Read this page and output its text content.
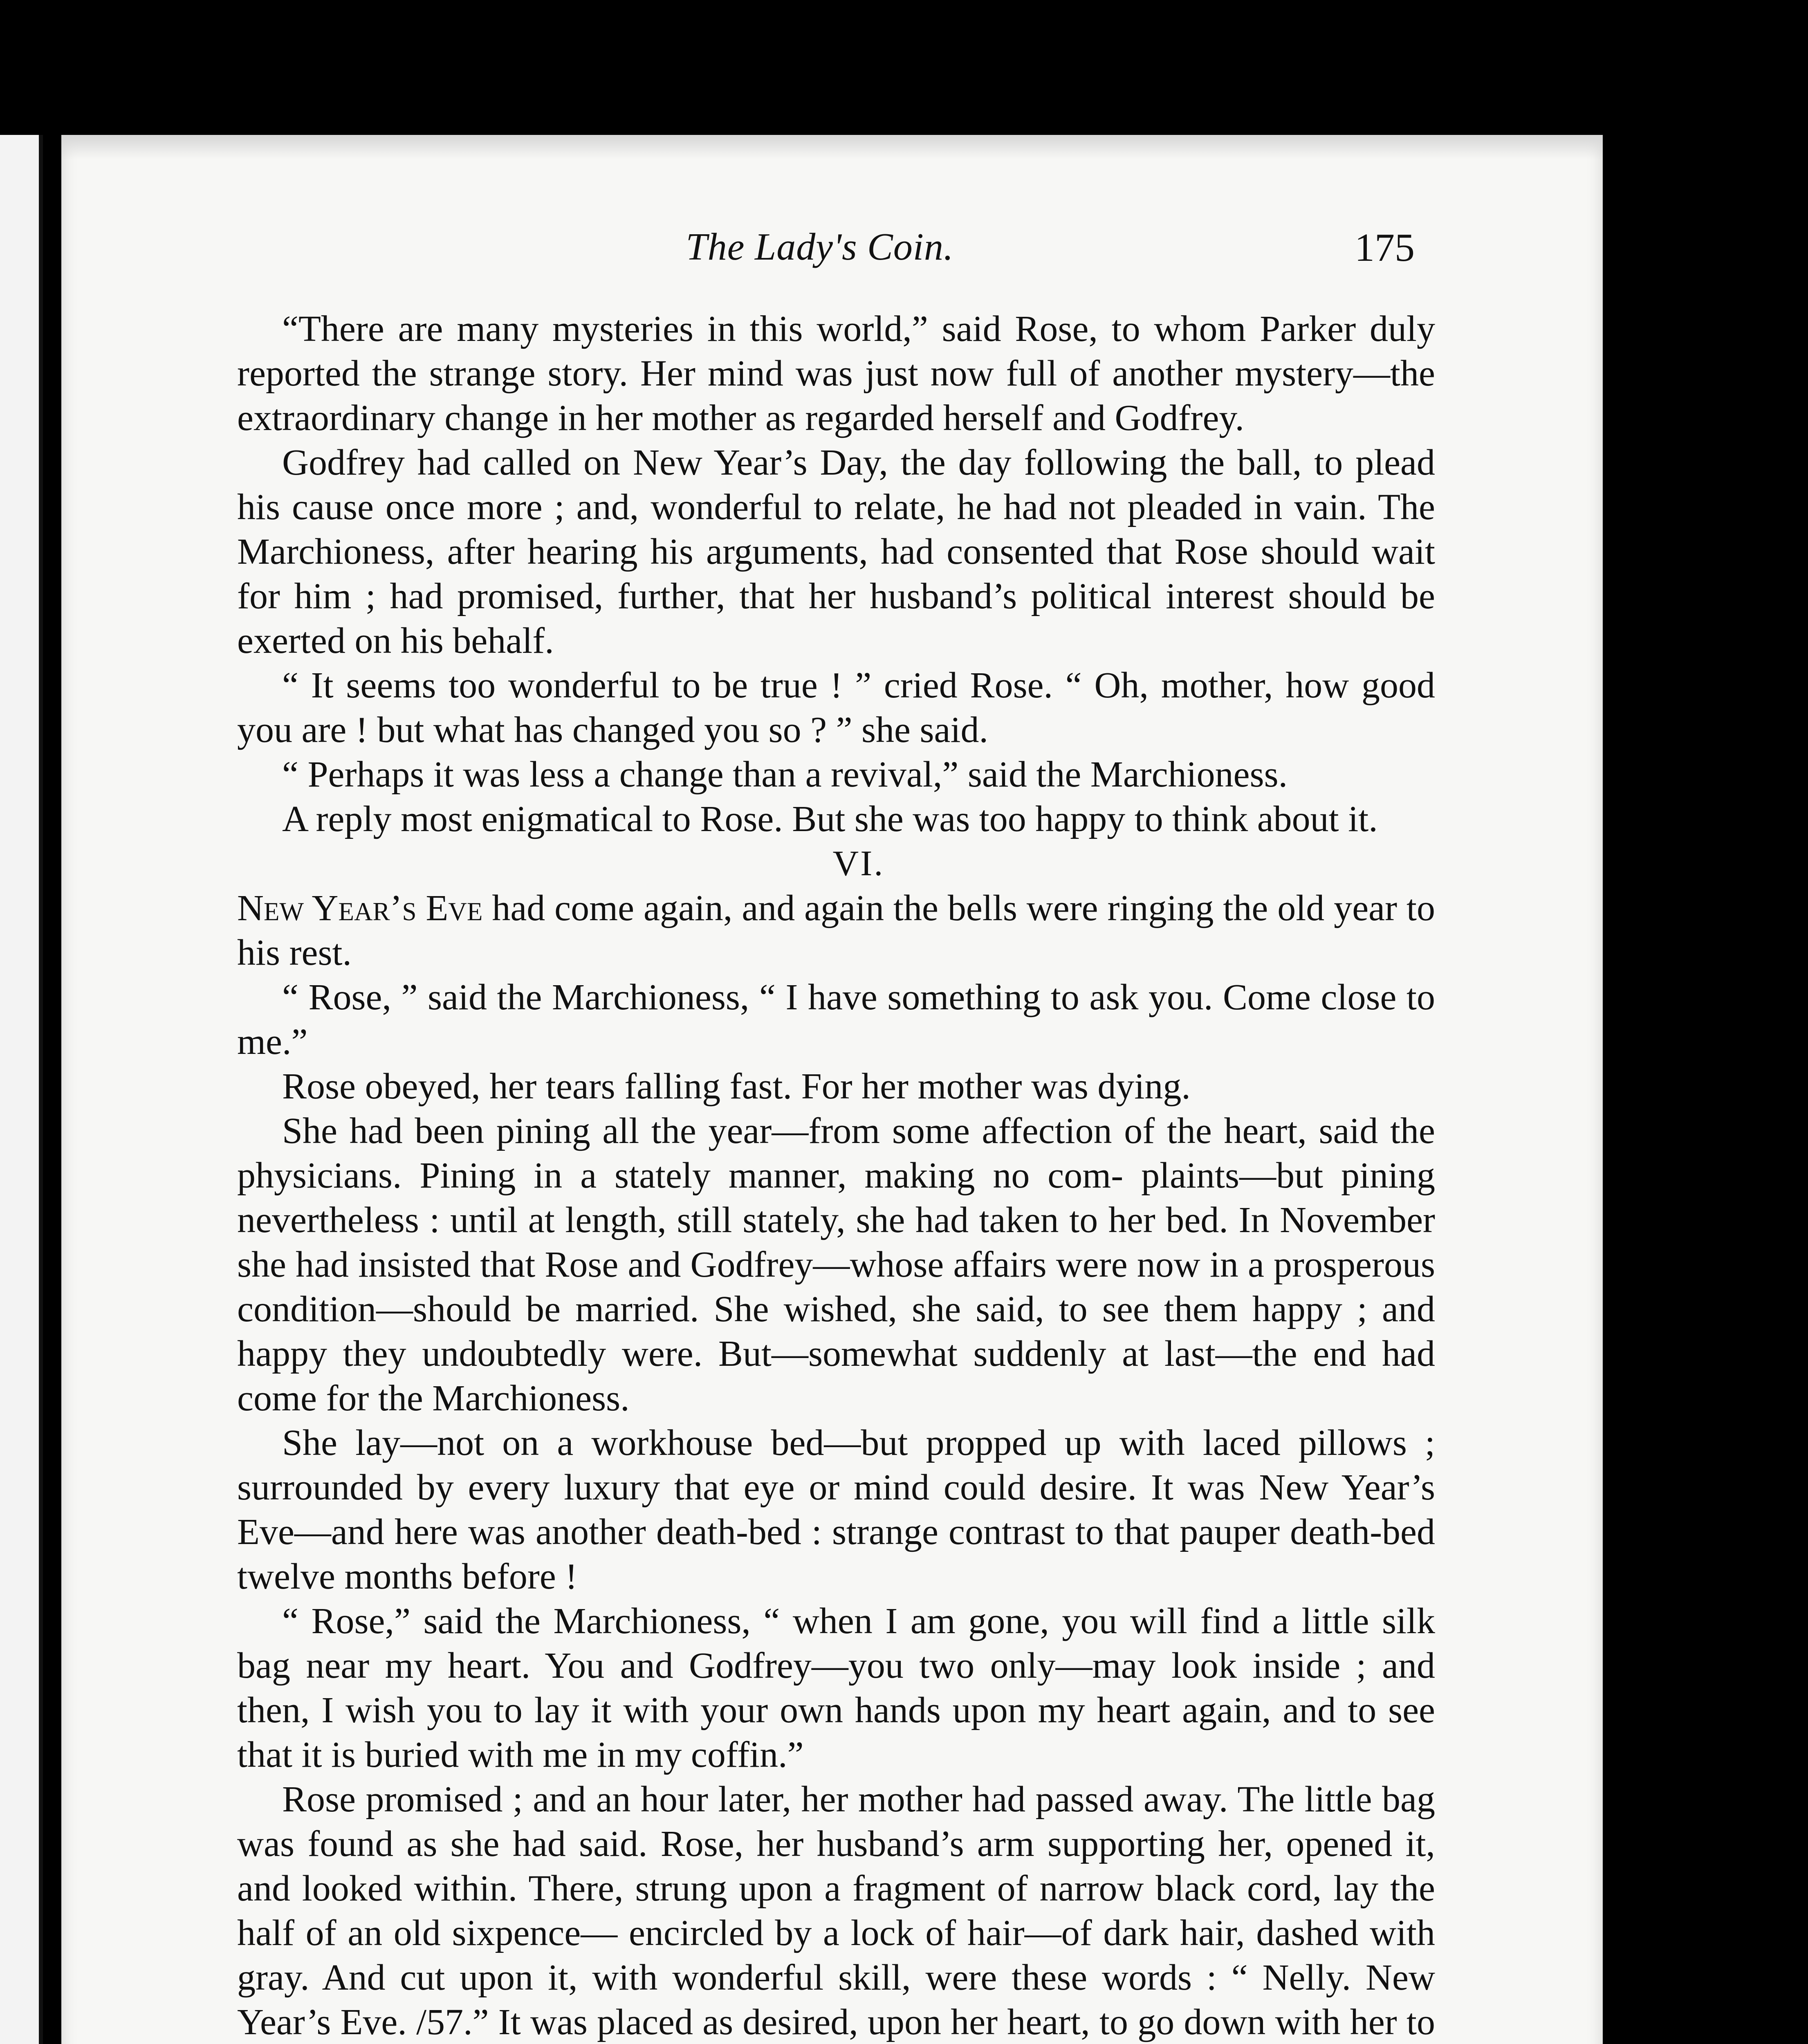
The Lady's Coin.	175

“There are many mysteries in this world,” said Rose, to whom Parker duly reported the strange story. Her mind was just now full of another mystery—the extraordinary change in her mother as regarded herself and Godfrey.

Godfrey had called on New Year’s Day, the day following the ball, to plead his cause once more ; and, wonderful to relate, he had not pleaded in vain. The Marchioness, after hearing his arguments, had consented that Rose should wait for him ; had promised, further, that her husband’s political interest should be exerted on his behalf.

“ It seems too wonderful to be true ! ” cried Rose. “ Oh, mother, how good you are ! but what has changed you so ? ” she said.

“ Perhaps it was less a change than a revival,” said the Marchioness.

A reply most enigmatical to Rose. But she was too happy to think about it.

VI.

New Year’s Eve had come again, and again the bells were ringing the old year to his rest.

“ Rose, ” said the Marchioness, “ I have something to ask you. Come close to me.”

Rose obeyed, her tears falling fast. For her mother was dying.

She had been pining all the year—from some affection of the heart, said the physicians. Pining in a stately manner, making no com- plaints—but pining nevertheless : until at length, still stately, she had taken to her bed. In November she had insisted that Rose and Godfrey—whose affairs were now in a prosperous condition—should be married. She wished, she said, to see them happy ; and happy they undoubtedly were. But—somewhat suddenly at last—the end had come for the Marchioness.

She lay—not on a workhouse bed—but propped up with laced pillows ; surrounded by every luxury that eye or mind could desire. It was New Year’s Eve—and here was another death-bed : strange contrast to that pauper death-bed twelve months before !

“ Rose,” said the Marchioness, “ when I am gone, you will find a little silk bag near my heart. You and Godfrey—you two only—may look inside ; and then, I wish you to lay it with your own hands upon my heart again, and to see that it is buried with me in my coffin.”

Rose promised ; and an hour later, her mother had passed away. The little bag was found as she had said. Rose, her husband’s arm supporting her, opened it, and looked within. There, strung upon a fragment of narrow black cord, lay the half of an old sixpence— encircled by a lock of hair—of dark hair, dashed with gray. And cut upon it, with wonderful skill, were these words : “ Nelly. New Year’s Eve. /57.” It was placed as desired, upon her heart, to go down with her to
